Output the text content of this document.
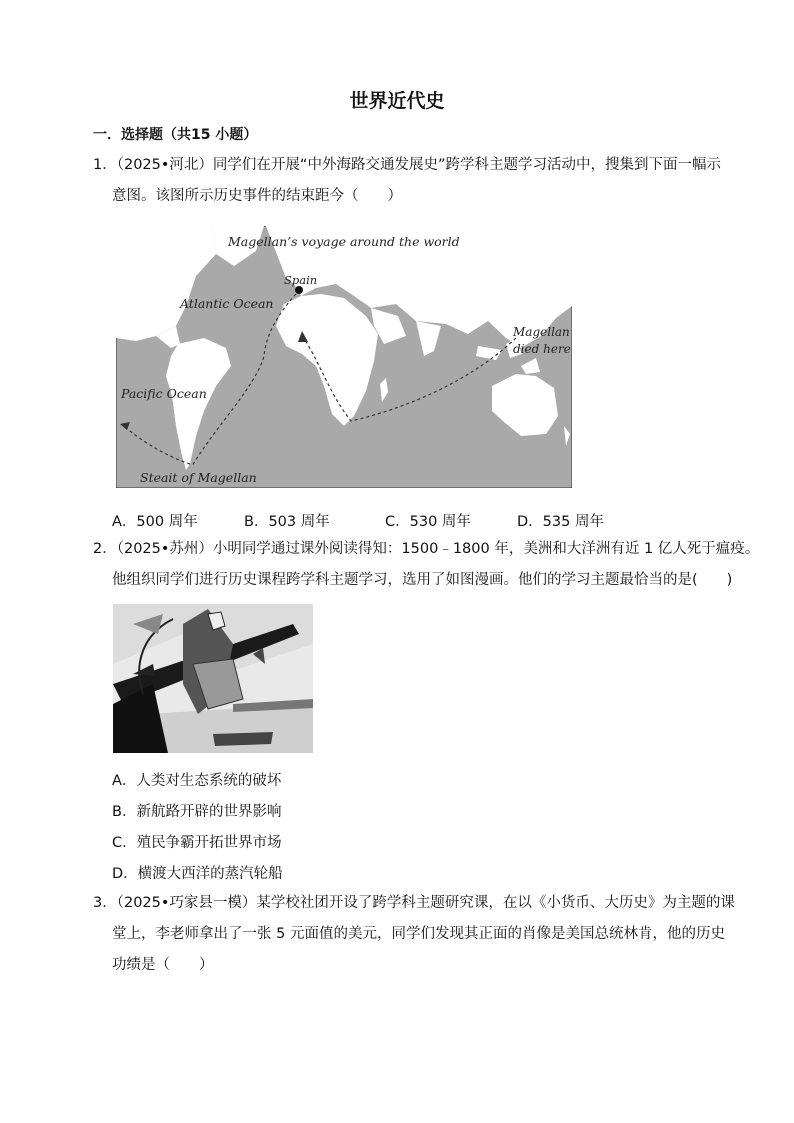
世界近代史
一．选择题（共15 小题）
1．（2025•河北）同学们在开展“中外海路交通发展史”跨学科主题学习活动中，搜集到下面一幅示
意图。该图所示历史事件的结束距今（　　）
Magellan’s voyage around the world
Spain
Atlantic Ocean
Pacific Ocean
Steait of Magellan
Magellan
died here
A．500 周年	B．503 周年	C．530 周年	D．535 周年
2．（2025•苏州）小明同学通过课外阅读得知：1500﹣1800 年，美洲和大洋洲有近 1 亿人死于瘟疫。
他组织同学们进行历史课程跨学科主题学习，选用了如图漫画。他们的学习主题最恰当的是(　　)
A．人类对生态系统的破坏
B．新航路开辟的世界影响
C．殖民争霸开拓世界市场
D．横渡大西洋的蒸汽轮船
3．（2025•巧家县一模）某学校社团开设了跨学科主题研究课，在以《小货币、大历史》为主题的课
堂上，李老师拿出了一张 5 元面值的美元，同学们发现其正面的肖像是美国总统林肯，他的历史
功绩是（　　）
